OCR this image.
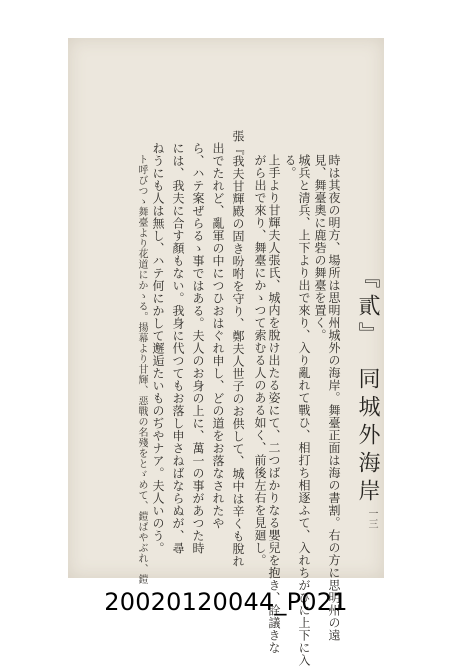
『貳』　同城外海岸
時は其夜の明方、場所は思明州城外の海岸。舞臺正面は海の書割。右の方に思明州の遠
見、舞臺奧に鹿砦の舞臺を置く。
城兵と清兵、上下より出で來り、入り亂れて戰ひ、相打ち相逐ふて、入れちがひに上下に入
る。
上手より甘輝夫人張氏、城内を脫け出たる姿にて、二つばかりなる嬰兒を抱き、詮議きな
がら出で來り、舞臺にかゝつて索むる人のある如く、前後左右を見廻し。
張『我夫甘輝殿の固き吩咐を守り、鄭夫人世子のお供して、城中は辛くも脫れ
出でたれど、亂軍の中につひおはぐれ申し、どの道をお落なされたや
ら、ハテ案ぜらるゝ事ではある。夫人のお身の上に、萬一の事があつた時
には、我夫に合す顏もない。我身に代つてもお落し申さねばならぬが、尋
ねうにも人は無し、ハテ何にかして邂逅たいものぢやナア。夫人いのう。
ト呼びつゝ舞臺より花道にかゝる。揚幕より甘輝、惡戰の名殘をとゞめて、鎧ばやぶれ、鎧	一三
20020120044_P021
